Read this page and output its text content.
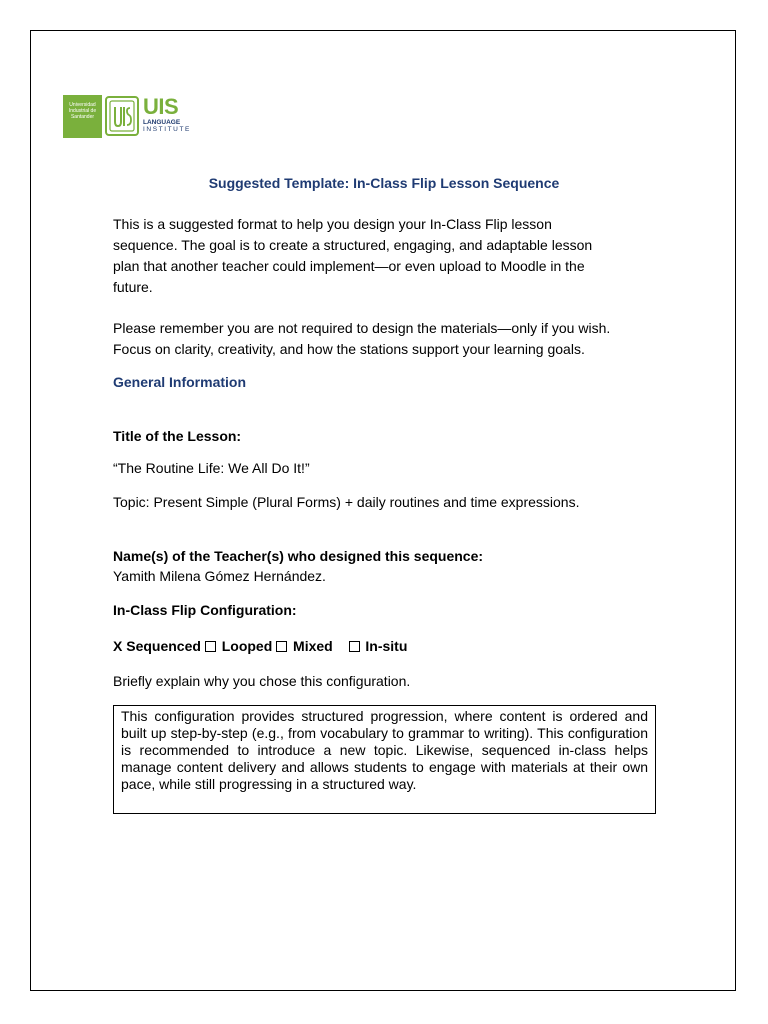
Universidad
Industrial de
Santander	UIS
LANGUAGE
INSTITUTE
Suggested Template: In-Class Flip Lesson Sequence
This is a suggested format to help you design your In-Class Flip lesson
sequence. The goal is to create a structured, engaging, and adaptable lesson
plan that another teacher could implement—or even upload to Moodle in the
future.
Please remember you are not required to design the materials—only if you wish.
Focus on clarity, creativity, and how the stations support your learning goals.
General Information
Title of the Lesson:
“The Routine Life: We All Do It!”
Topic: Present Simple (Plural Forms) + daily routines and time expressions.
Name(s) of the Teacher(s) who designed this sequence:
Yamith Milena Gómez Hernández.
In-Class Flip Configuration:
X Sequenced Looped Mixed In-situ
Briefly explain why you chose this configuration.
This configuration provides structured progression, where content is ordered and built up step-by-step (e.g., from vocabulary to grammar to writing). This configuration is recommended to introduce a new topic. Likewise, sequenced in-class helps manage content delivery and allows students to engage with materials at their own pace, while still progressing in a structured way.
